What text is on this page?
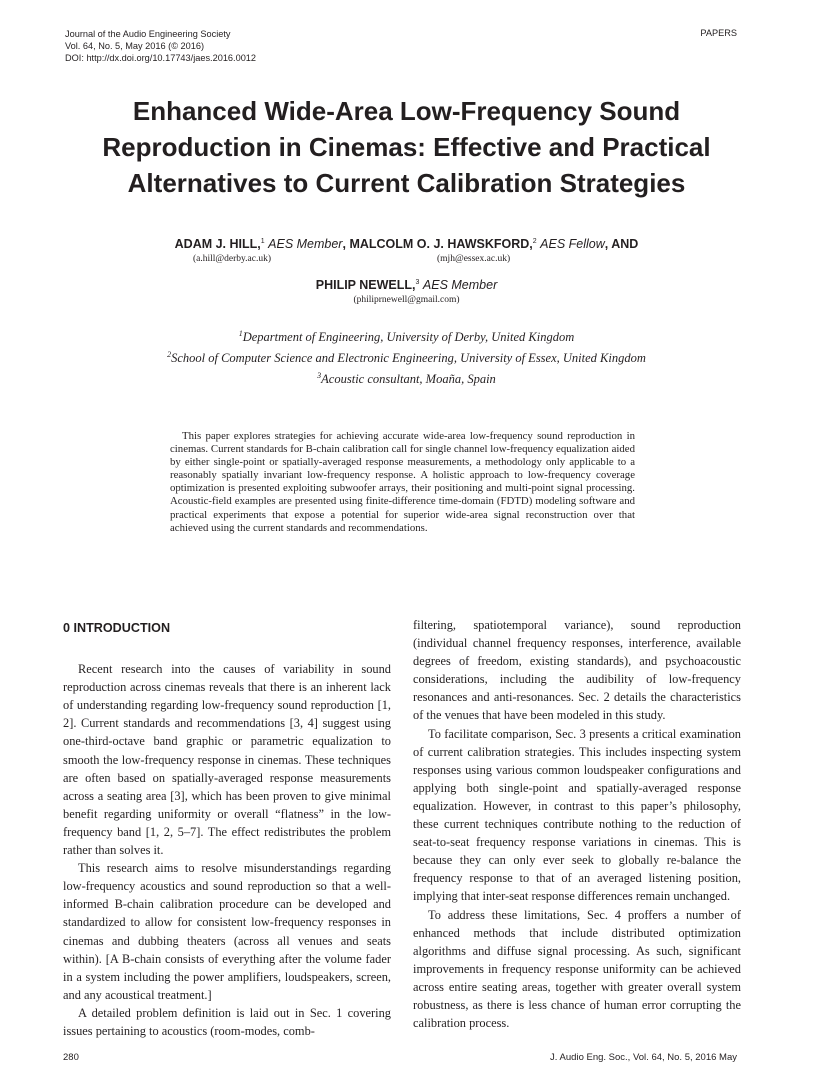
Journal of the Audio Engineering Society
Vol. 64, No. 5, May 2016 (© 2016)
DOI: http://dx.doi.org/10.17743/jaes.2016.0012
PAPERS
Enhanced Wide-Area Low-Frequency Sound
Reproduction in Cinemas: Effective and Practical
Alternatives to Current Calibration Strategies
ADAM J. HILL,$^1$ AES Member, MALCOLM O. J. HAWSKFORD,$^2$ AES Fellow, AND
(a.hill@derby.ac.uk)	(mjh@essex.ac.uk)
PHILIP NEWELL,$^3$ AES Member
(philiprnewell@gmail.com)
$^1$Department of Engineering, University of Derby, United Kingdom
$^2$School of Computer Science and Electronic Engineering, University of Essex, United Kingdom
$^3$Acoustic consultant, Moaña, Spain

This paper explores strategies for achieving accurate wide-area low-frequency sound reproduction in cinemas. Current standards for B-chain calibration call for single channel low-frequency equalization aided by either single-point or spatially-averaged response measurements, a methodology only applicable to a reasonably spatially invariant low-frequency response. A holistic approach to low-frequency coverage optimization is presented exploiting subwoofer arrays, their positioning and multi-point signal processing. Acoustic-field examples are presented using finite-difference time-domain (FDTD) modeling software and practical experiments that expose a potential for superior wide-area signal reconstruction over that achieved using the current standards and recommendations.

0 INTRODUCTION

Recent research into the causes of variability in sound reproduction across cinemas reveals that there is an inherent lack of understanding regarding low-frequency sound reproduction [1, 2]. Current standards and recommendations [3, 4] suggest using one-third-octave band graphic or parametric equalization to smooth the low-frequency response in cinemas. These techniques are often based on spatially-averaged response measurements across a seating area [3], which has been proven to give minimal benefit regarding uniformity or overall “flatness” in the low-frequency band [1, 2, 5–7]. The effect redistributes the problem rather than solves it.

This research aims to resolve misunderstandings regarding low-frequency acoustics and sound reproduction so that a well-informed B-chain calibration procedure can be developed and standardized to allow for consistent low-frequency responses in cinemas and dubbing theaters (across all venues and seats within). [A B-chain consists of everything after the volume fader in a system including the power amplifiers, loudspeakers, screen, and any acoustical treatment.]

A detailed problem definition is laid out in Sec. 1 covering issues pertaining to acoustics (room-modes, comb-

filtering, spatiotemporal variance), sound reproduction (individual channel frequency responses, interference, available degrees of freedom, existing standards), and psychoacoustic considerations, including the audibility of low-frequency resonances and anti-resonances. Sec. 2 details the characteristics of the venues that have been modeled in this study.

To facilitate comparison, Sec. 3 presents a critical examination of current calibration strategies. This includes inspecting system responses using various common loudspeaker configurations and applying both single-point and spatially-averaged response equalization. However, in contrast to this paper’s philosophy, these current techniques contribute nothing to the reduction of seat-to-seat frequency response variations in cinemas. This is because they can only ever seek to globally re-balance the frequency response to that of an averaged listening position, implying that inter-seat response differences remain unchanged.

To address these limitations, Sec. 4 proffers a number of enhanced methods that include distributed optimization algorithms and diffuse signal processing. As such, significant improvements in frequency response uniformity can be achieved across entire seating areas, together with greater overall system robustness, as there is less chance of human error corrupting the calibration process.

280	J. Audio Eng. Soc., Vol. 64, No. 5, 2016 May
